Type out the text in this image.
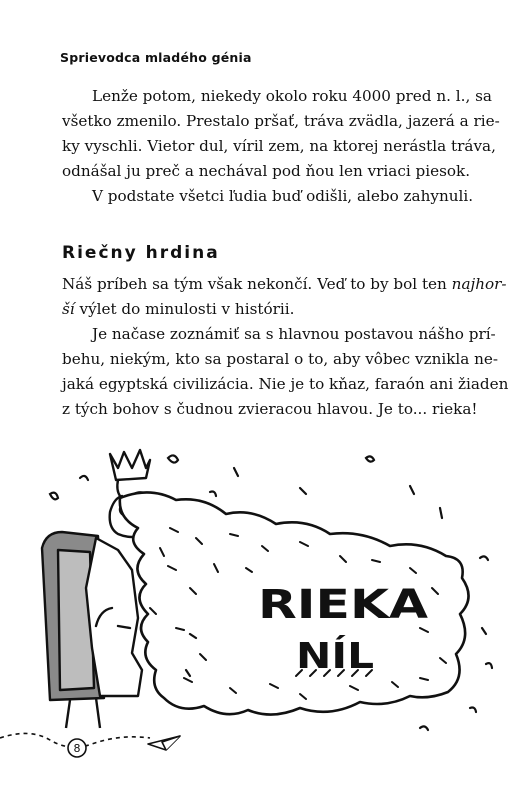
Sprievodca mladého génia

Lenže potom, niekedy okolo roku 4000 pred n. l., sa
všetko zmenilo. Prestalo pršať, tráva zvädla, jazerá a rie-
ky vyschli. Vietor dul, víril zem, na ktorej nerástla tráva,
odnášal ju preč a nechával pod ňou len vriaci piesok.
V podstate všetci ľudia buď odišli, alebo zahynuli.

Riečny hrdina

Náš príbeh sa tým však nekončí. Veď to by bol ten najhor-
ší výlet do minulosti v histórii.

Je načase zoznámiť sa s hlavnou postavou nášho prí-
behu, niekým, kto sa postaral o to, aby vôbec vznikla ne-
jaká egyptská civilizácia. Nie je to kňaz, faraón ani žiaden
z tých bohov s čudnou zvieracou hlavou. Je to... rieka!

RIEKA
NÍL
8
